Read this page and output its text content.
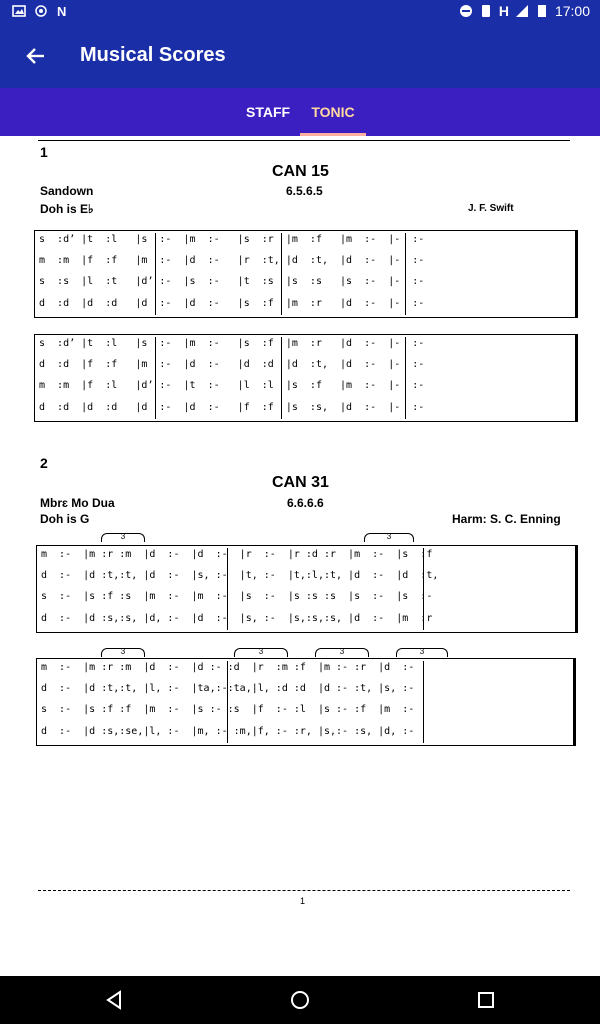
N	H	17:00
Musical Scores
STAFF	TONIC
1
CAN 15
Sandown	6.5.6.5
Doh is E♭	J. F. Swift
s  :d’ |t  :l   |s  :-  |m  :-   |s  :r  |m  :f   |m  :-  |-  :-
m  :m  |f  :f   |m  :-  |d  :-   |r  :t, |d  :t,  |d  :-  |-  :-
s  :s  |l  :t   |d’ :-  |s  :-   |t  :s  |s  :s   |s  :-  |-  :-
d  :d  |d  :d   |d  :-  |d  :-   |s  :f  |m  :r   |d  :-  |-  :-
s  :d’ |t  :l   |s  :-  |m  :-   |s  :f  |m  :r   |d  :-  |-  :-
d  :d  |f  :f   |m  :-  |d  :-   |d  :d  |d  :t,  |d  :-  |-  :-
m  :m  |f  :l   |d’ :-  |t  :-   |l  :l  |s  :f   |m  :-  |-  :-
d  :d  |d  :d   |d  :-  |d  :-   |f  :f  |s  :s,  |d  :-  |-  :-
2
CAN 31
Mbrɛ Mo Dua	6.6.6.6
Doh is G	Harm: S. C. Enning
3	3
m  :-  |m :r :m  |d  :-  |d  :-  |r  :-  |r :d :r  |m  :-  |s  :f
d  :-  |d :t,:t, |d  :-  |s, :-  |t, :-  |t,:l,:t, |d  :-  |d  :t,
s  :-  |s :f :s  |m  :-  |m  :-  |s  :-  |s :s :s  |s  :-  |s  :-
d  :-  |d :s,:s, |d, :-  |d  :-  |s, :-  |s,:s,:s, |d  :-  |m  :r
3	3	3	3
m  :-  |m :r :m  |d  :-  |d :- :d  |r  :m :f  |m :- :r  |d  :-
d  :-  |d :t,:t, |l, :-  |ta,:-:ta,|l, :d :d  |d :- :t, |s, :-
s  :-  |s :f :f  |m  :-  |s :- :s  |f  :- :l  |s :- :f  |m  :-
d  :-  |d :s,:se,|l, :-  |m, :- :m,|f, :- :r, |s,:- :s, |d, :-
1
